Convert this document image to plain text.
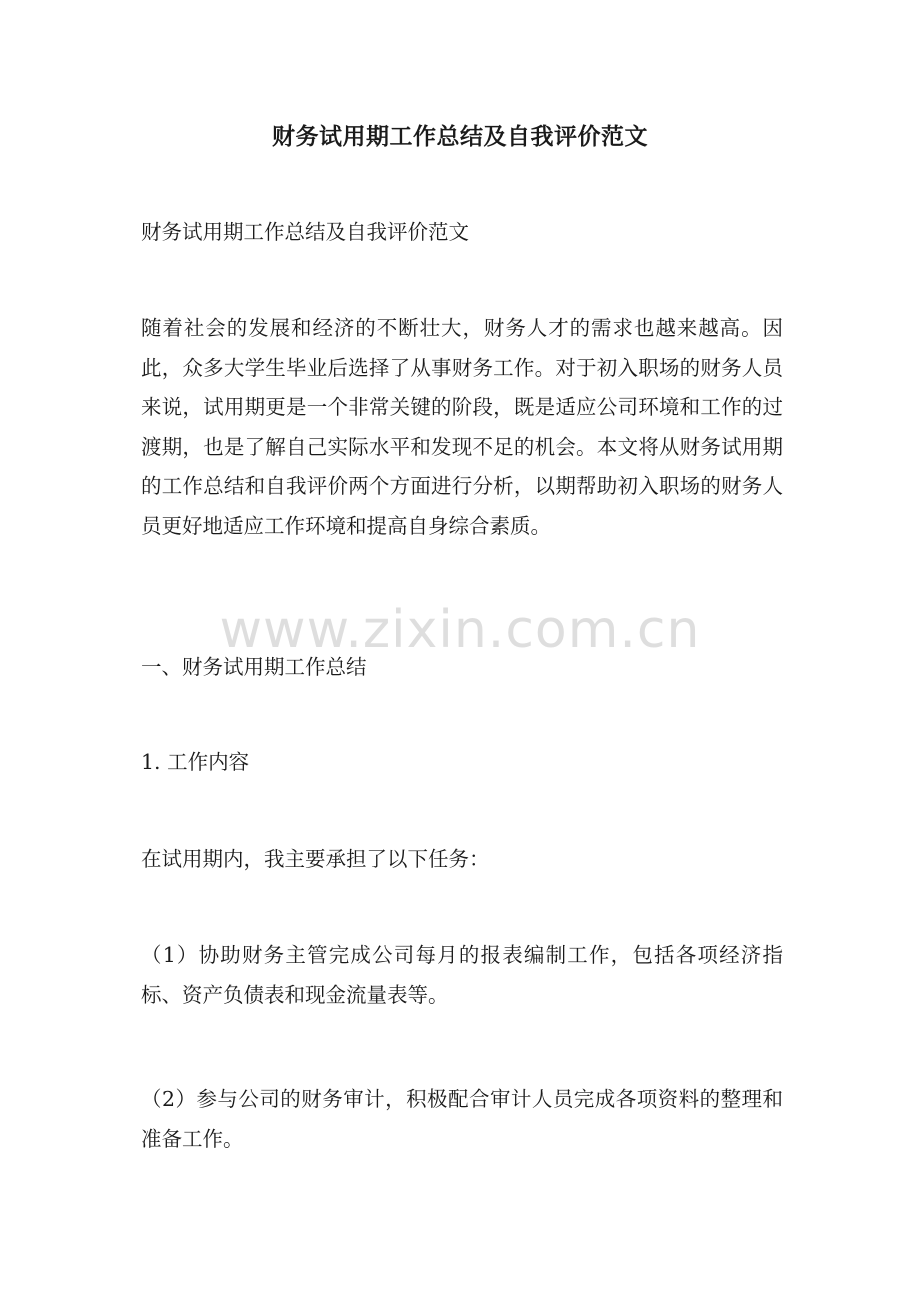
财务试用期工作总结及自我评价范文

财务试用期工作总结及自我评价范文

随着社会的发展和经济的不断壮大，财务人才的需求也越来越高。因此，众多大学生毕业后选择了从事财务工作。对于初入职场的财务人员来说，试用期更是一个非常关键的阶段，既是适应公司环境和工作的过渡期，也是了解自己实际水平和发现不足的机会。本文将从财务试用期的工作总结和自我评价两个方面进行分析，以期帮助初入职场的财务人员更好地适应工作环境和提高自身综合素质。

www.zixin.com.cn

一、财务试用期工作总结

1. 工作内容

在试用期内，我主要承担了以下任务：

（1）协助财务主管完成公司每月的报表编制工作，包括各项经济指标、资产负债表和现金流量表等。

（2）参与公司的财务审计，积极配合审计人员完成各项资料的整理和准备工作。
